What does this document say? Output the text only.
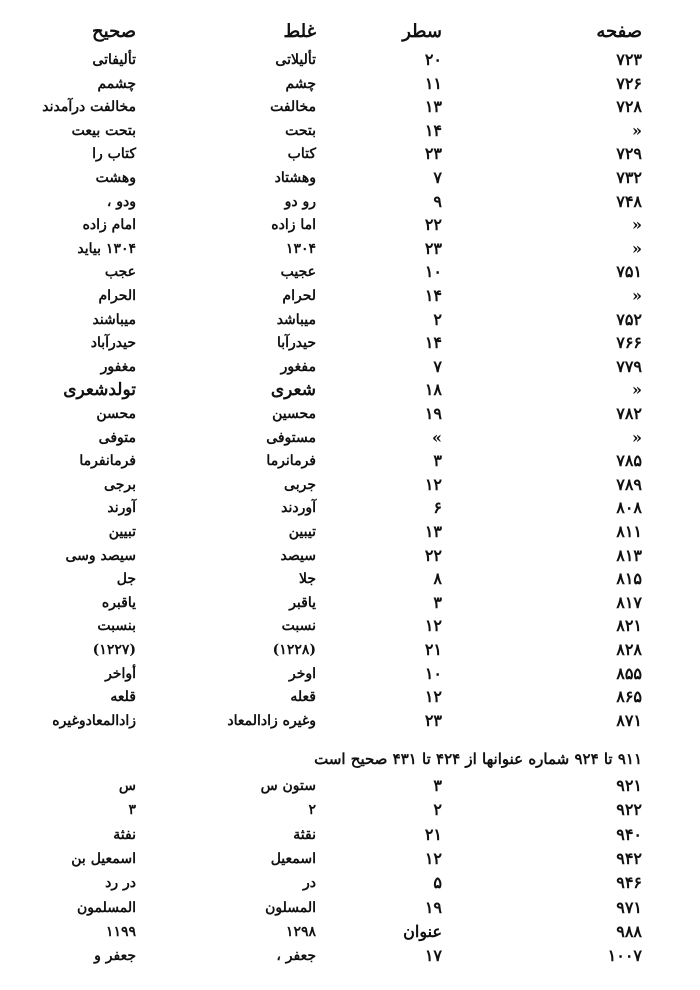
صفحه
سطر
غلط
صحیح
۷۲۳
۲۰
تألیلاتی
تألیفاتی
۷۲۶
۱۱
چشم
چشمم
۷۲۸
۱۳
مخالفت
مخالفت درآمدند
«
۱۴
بتحت
بتحت بیعت
۷۲۹
۲۳
کتاب
کتاب را
۷۳۲
۷
وهشتاد
وهشت
۷۴۸
۹
رو دو
ودو ،
«
۲۲
اما زاده
امام زاده
«
۲۳
۱۳۰۴
۱۳۰۴ بیاید
۷۵۱
۱۰
عجیب
عجب
«
۱۴
لحرام
الحرام
۷۵۲
۲
میباشد
میباشند
۷۶۶
۱۴
حیدرآبا
حیدرآباد
۷۷۹
۷
مفغور
مغفور
«
۱۸
شعری
تولدشعری
۷۸۲
۱۹
محسین
محسن
«
»
مستوفی
متوفی
۷۸۵
۳
فرمانرما
فرمانفرما
۷۸۹
۱۲
جربی
برجی
۸۰۸
۶
آوردند
آورند
۸۱۱
۱۳
تیبین
تبیین
۸۱۳
۲۲
سیصد
سیصد وسی
۸۱۵
۸
جلا
جل
۸۱۷
۳
یاقبر
یاقبره
۸۲۱
۱۲
نسبت
بنسبت
۸۲۸
۲۱
(۱۲۲۸)
(۱۲۲۷)
۸۵۵
۱۰
اوخر
أواخر
۸۶۵
۱۲
قعله
قلعه
۸۷۱
۲۳
وغیره زادالمعاد
زادالمعادوغیره
۹۱۱ تا ۹۲۴ شماره عنوانها از ۴۲۴ تا ۴۳۱ صحیح است
۹۲۱
۳
ستون س
س
۹۲۲
۲
۲
۳
۹۴۰
۲۱
نقثة
نفثة
۹۴۲
۱۲
اسمعیل
اسمعیل بن
۹۴۶
۵
در
در رد
۹۷۱
۱۹
المسلون
المسلمون
۹۸۸
عنوان
۱۲۹۸
۱۱۹۹
۱۰۰۷
۱۷
جعفر ،
جعفر و
